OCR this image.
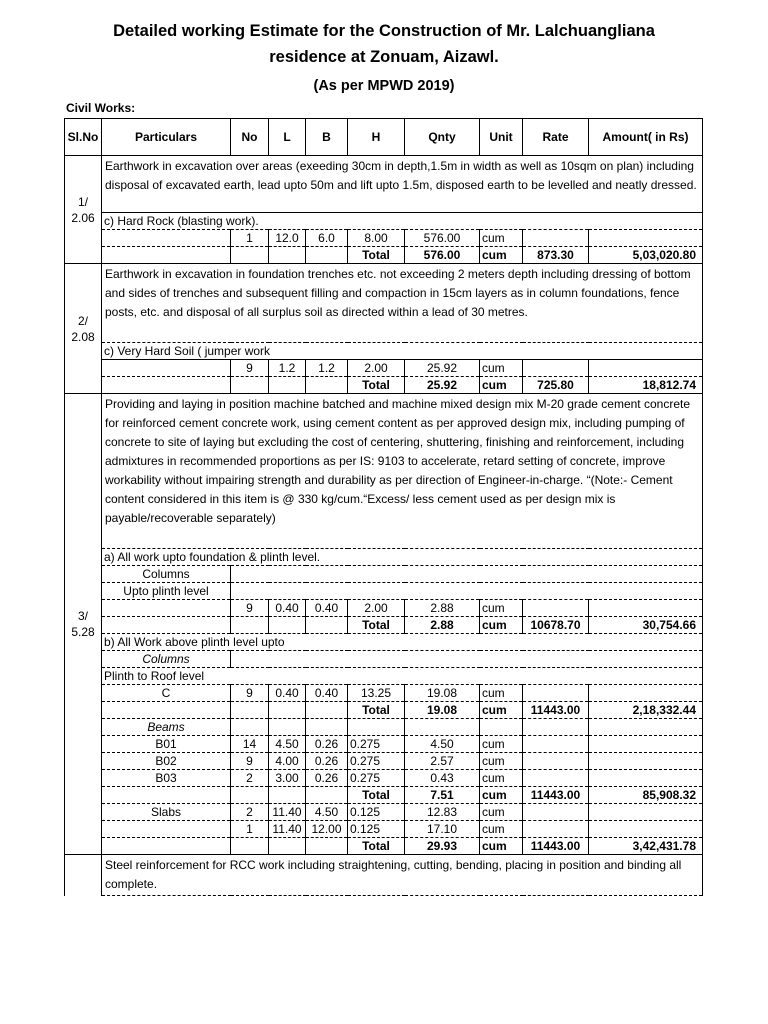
Detailed working Estimate for the Construction of Mr. Lalchuangliana
residence at Zonuam, Aizawl.
(As per MPWD 2019)
Civil Works:
Sl.No	Particulars	No	L	B	H	Qnty	Unit	Rate	Amount( in Rs)
1/
2.06	Earthwork in excavation over areas (exeeding 30cm in depth,1.5m in width as well as 10sqm on plan) including disposal of excavated earth, lead upto 50m and lift upto 1.5m, disposed earth to be levelled and neatly dressed.								
	c) Hard Rock (blasting work).								
		1	12.0	6.0	8.00	576.00	cum		
					Total	576.00	cum	873.30	5,03,020.80
2/
2.08	Earthwork in excavation in foundation trenches etc. not exceeding 2 meters depth including dressing of bottom and sides of trenches and subsequent filling and compaction in 15cm layers as in column foundations, fence posts, etc. and disposal of all surplus soil as directed within a lead of 30 metres.								
	c) Very Hard Soil ( jumper work								
		9	1.2	1.2	2.00	25.92	cum		
					Total	25.92	cum	725.80	18,812.74
3/
5.28	Providing and laying in position machine batched and machine mixed design mix M-20 grade cement concrete for reinforced cement concrete work, using cement content as per approved design mix, including pumping of concrete to site of laying but excluding the cost of centering, shuttering, finishing and reinforcement, including admixtures in recommended proportions as per IS: 9103 to accelerate, retard setting of concrete, improve workability without impairing strength and durability as per direction of Engineer-in-charge. “(Note:- Cement content considered in this item is @ 330 kg/cum.“Excess/ less cement used as per design mix is payable/recoverable separately)								
	a) All work upto foundation & plinth level.								
	Columns								
	Upto plinth level								
		9	0.40	0.40	2.00	2.88	cum		
					Total	2.88	cum	10678.70	30,754.66
	b) All Work above plinth level upto								
	Columns								
	Plinth to Roof level								
	C	9	0.40	0.40	13.25	19.08	cum		
					Total	19.08	cum	11443.00	2,18,332.44
	Beams								
	B01	14	4.50	0.26	0.275	4.50	cum		
	B02	9	4.00	0.26	0.275	2.57	cum		
	B03	2	3.00	0.26	0.275	0.43	cum		
					Total	7.51	cum	11443.00	85,908.32
	Slabs	2	11.40	4.50	0.125	12.83	cum		
		1	11.40	12.00	0.125	17.10	cum		
					Total	29.93	cum	11443.00	3,42,431.78
	Steel reinforcement for RCC work including straightening, cutting, bending, placing in position and binding all complete.								
